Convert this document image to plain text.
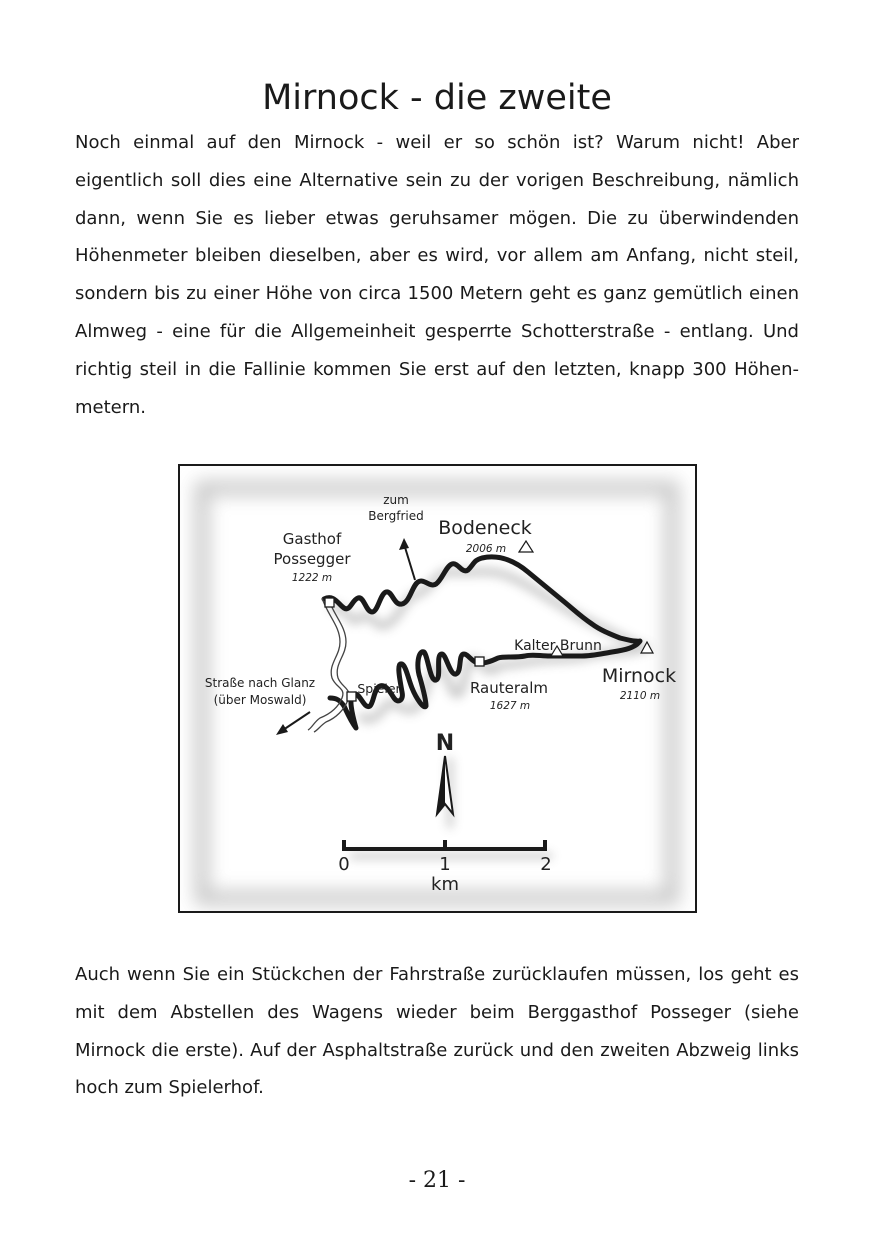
Mirnock - die zweite
Noch einmal auf den Mirnock - weil er so schön ist? Warum nicht! Aber
eigentlich soll dies eine Alternative sein zu der vorigen Beschreibung, nämlich
dann, wenn Sie es lieber etwas geruhsamer mögen. Die zu überwindenden
Höhenmeter bleiben dieselben, aber es wird, vor allem am Anfang, nicht steil,
sondern bis zu einer Höhe von circa 1500 Metern geht es ganz gemütlich einen
Almweg - eine für die Allgemeinheit gesperrte Schotterstraße - entlang. Und
richtig steil in die Fallinie kommen Sie erst auf den letzten, knapp 300 Höhen-
metern.
zum
Bergfried
Gasthof
Possegger
1222 m
Bodeneck
2006 m
Kalter Brunn
Mirnock
2110 m
Straße nach Glanz
(über Moswald)
Spieler	Rauteralm
1627 m
N
0	1	2
km
Auch wenn Sie ein Stückchen der Fahrstraße zurücklaufen müssen, los geht es
mit dem Abstellen des Wagens wieder beim Berggasthof Posseger (siehe
Mirnock die erste). Auf der Asphaltstraße zurück und den zweiten Abzweig links
hoch zum Spielerhof.
- 21 -
